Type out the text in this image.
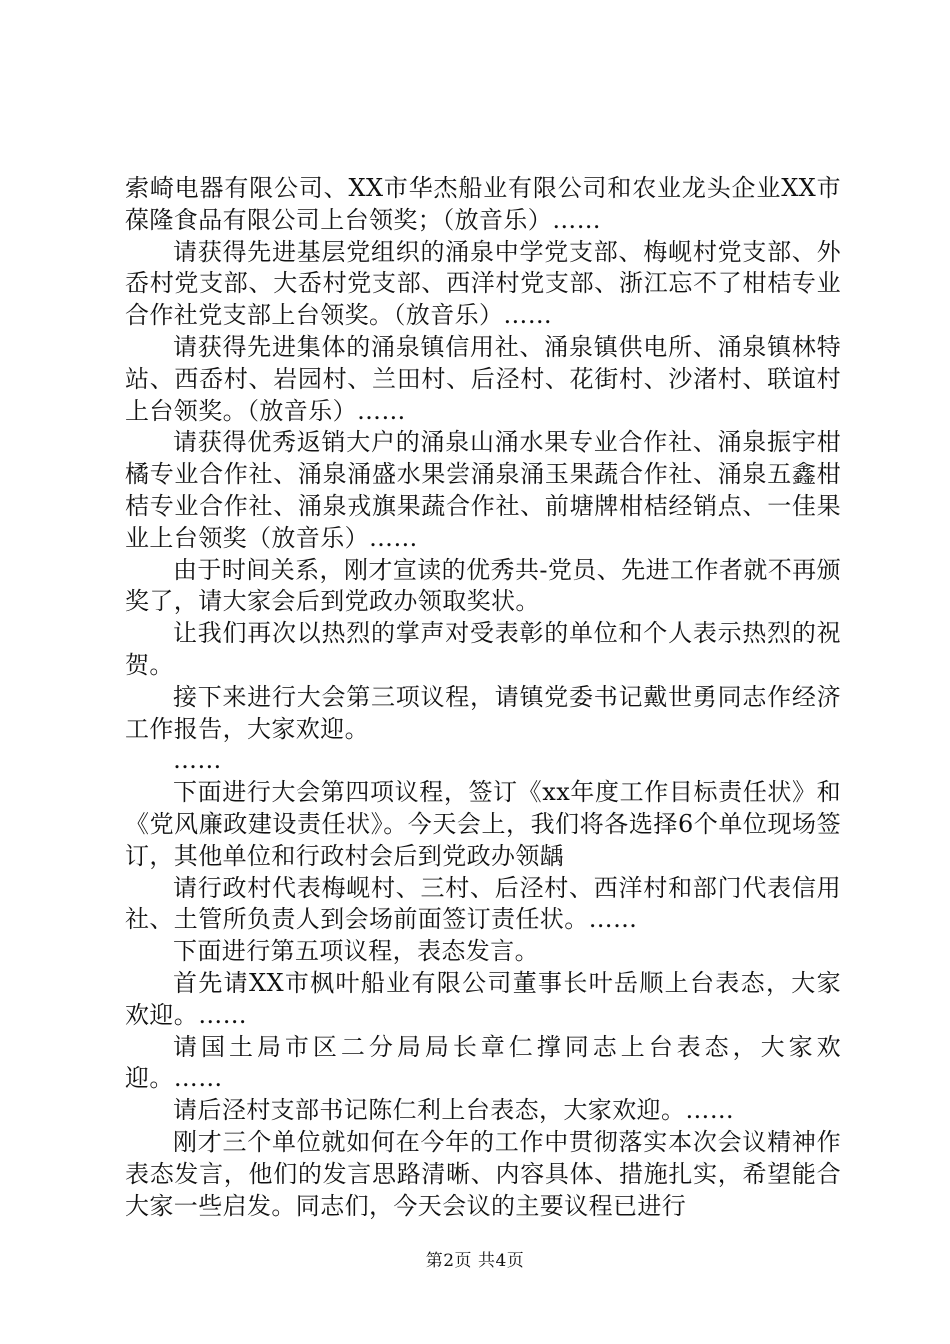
索崎电器有限公司、XX市华杰船业有限公司和农业龙头企业XX市葆隆食品有限公司上台领奖；（放音乐）……

请获得先进基层党组织的涌泉中学党支部、梅岘村党支部、外岙村党支部、大岙村党支部、西洋村党支部、浙江忘不了柑桔专业合作社党支部上台领奖。（放音乐）……

请获得先进集体的涌泉镇信用社、涌泉镇供电所、涌泉镇林特站、西岙村、岩园村、兰田村、后泾村、花街村、沙渚村、联谊村上台领奖。（放音乐）……

请获得优秀返销大户的涌泉山涌水果专业合作社、涌泉振宇柑橘专业合作社、涌泉涌盛水果尝涌泉涌玉果蔬合作社、涌泉五鑫柑桔专业合作社、涌泉戎旗果蔬合作社、前塘牌柑桔经销点、一佳果业上台领奖（放音乐）……

由于时间关系，刚才宣读的优秀共-党员、先进工作者就不再颁奖了，请大家会后到党政办领取奖状。

让我们再次以热烈的掌声对受表彰的单位和个人表示热烈的祝贺。

接下来进行大会第三项议程，请镇党委书记戴世勇同志作经济工作报告，大家欢迎。

……

下面进行大会第四项议程，签订《xx年度工作目标责任状》和《党风廉政建设责任状》。今天会上，我们将各选择6个单位现场签订，其他单位和行政村会后到党政办领龋

请行政村代表梅岘村、三村、后泾村、西洋村和部门代表信用社、土管所负责人到会场前面签订责任状。……

下面进行第五项议程，表态发言。

首先请XX市枫叶船业有限公司董事长叶岳顺上台表态，大家欢迎。……

请国土局市区二分局局长章仁撑同志上台表态，大家欢迎。……

请后泾村支部书记陈仁利上台表态，大家欢迎。……

刚才三个单位就如何在今年的工作中贯彻落实本次会议精神作表态发言，他们的发言思路清晰、内容具体、措施扎实，希望能合大家一些启发。同志们，今天会议的主要议程已进行

第2页 共4页
